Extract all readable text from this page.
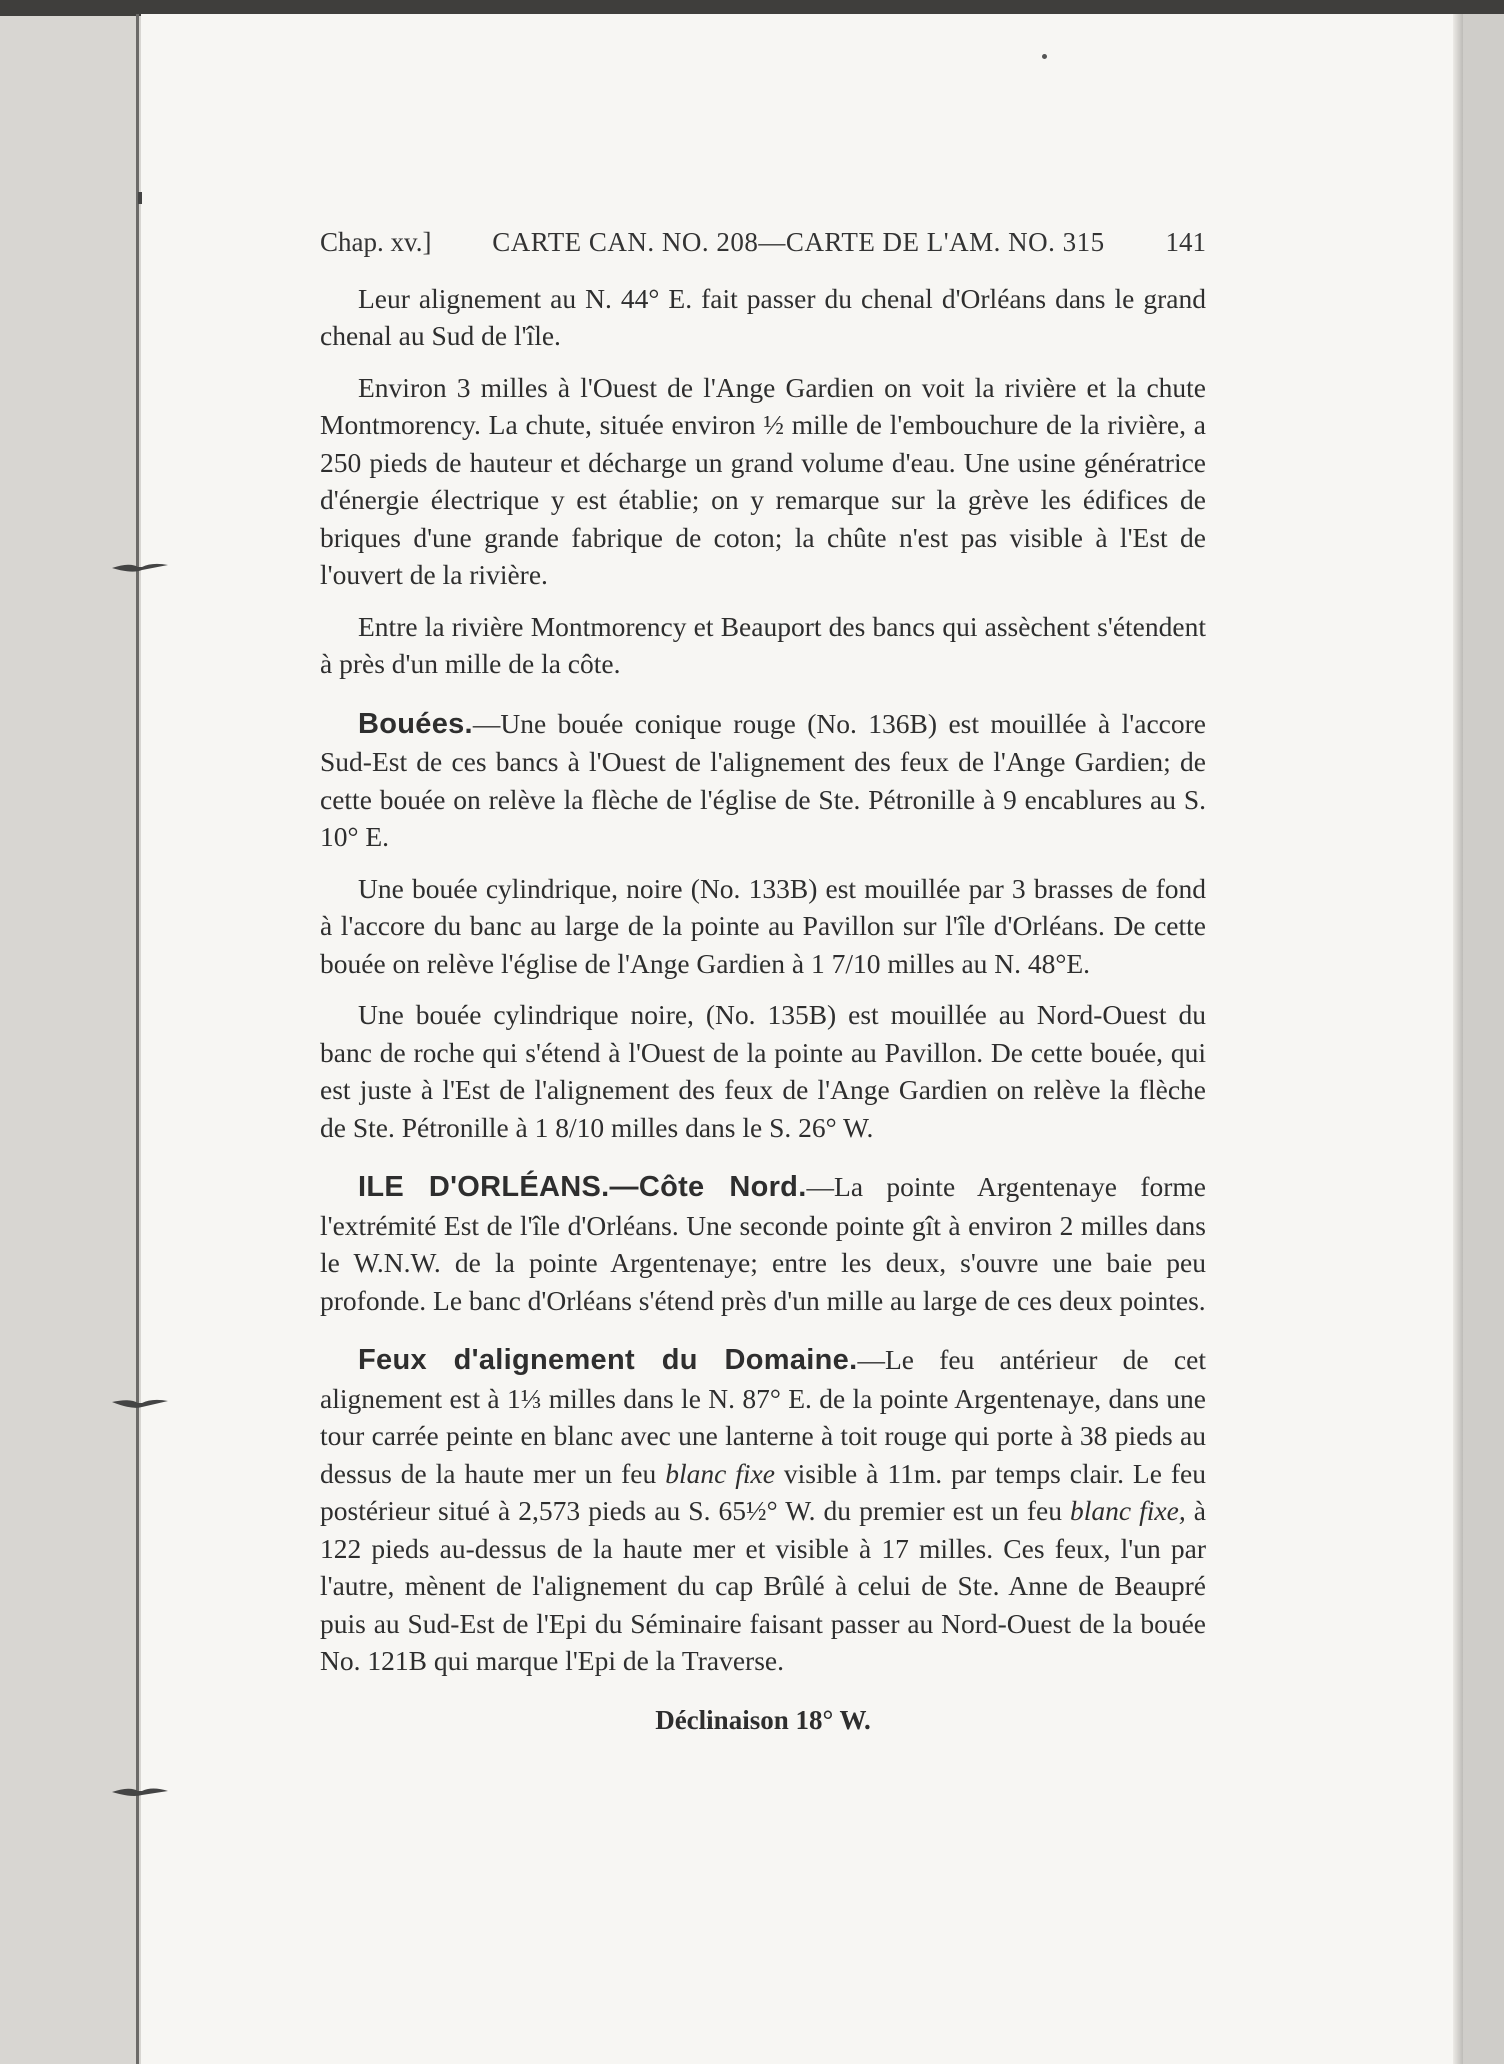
Chap. xv.] CARTE CAN. NO. 208—CARTE DE L'AM. NO. 315 141

Leur alignement au N. 44° E. fait passer du chenal d'Orléans dans le grand chenal au Sud de l'île.

Environ 3 milles à l'Ouest de l'Ange Gardien on voit la rivière et la chute Montmorency. La chute, située environ ½ mille de l'embouchure de la rivière, a 250 pieds de hauteur et décharge un grand volume d'eau. Une usine génératrice d'énergie électrique y est établie; on y remarque sur la grève les édifices de briques d'une grande fabrique de coton; la chûte n'est pas visible à l'Est de l'ouvert de la rivière.

Entre la rivière Montmorency et Beauport des bancs qui assèchent s'étendent à près d'un mille de la côte.

Bouées.—Une bouée conique rouge (No. 136B) est mouillée à l'accore Sud-Est de ces bancs à l'Ouest de l'alignement des feux de l'Ange Gardien; de cette bouée on relève la flèche de l'église de Ste. Pétronille à 9 encablures au S. 10° E.

Une bouée cylindrique, noire (No. 133B) est mouillée par 3 brasses de fond à l'accore du banc au large de la pointe au Pavillon sur l'île d'Orléans. De cette bouée on relève l'église de l'Ange Gardien à 1 7/10 milles au N. 48°E.

Une bouée cylindrique noire, (No. 135B) est mouillée au Nord-Ouest du banc de roche qui s'étend à l'Ouest de la pointe au Pavillon. De cette bouée, qui est juste à l'Est de l'alignement des feux de l'Ange Gardien on relève la flèche de Ste. Pétronille à 1 8/10 milles dans le S. 26° W.

ILE D'ORLÉANS.—Côte Nord.—La pointe Argentenaye forme l'extrémité Est de l'île d'Orléans. Une seconde pointe gît à environ 2 milles dans le W.N.W. de la pointe Argentenaye; entre les deux, s'ouvre une baie peu profonde. Le banc d'Orléans s'étend près d'un mille au large de ces deux pointes.

Feux d'alignement du Domaine.—Le feu antérieur de cet alignement est à 1⅓ milles dans le N. 87° E. de la pointe Argentenaye, dans une tour carrée peinte en blanc avec une lanterne à toit rouge qui porte à 38 pieds au dessus de la haute mer un feu blanc fixe visible à 11m. par temps clair. Le feu postérieur situé à 2,573 pieds au S. 65½° W. du premier est un feu blanc fixe, à 122 pieds au-dessus de la haute mer et visible à 17 milles. Ces feux, l'un par l'autre, mènent de l'alignement du cap Brûlé à celui de Ste. Anne de Beaupré puis au Sud-Est de l'Epi du Séminaire faisant passer au Nord-Ouest de la bouée No. 121B qui marque l'Epi de la Traverse.

Déclinaison 18° W.
